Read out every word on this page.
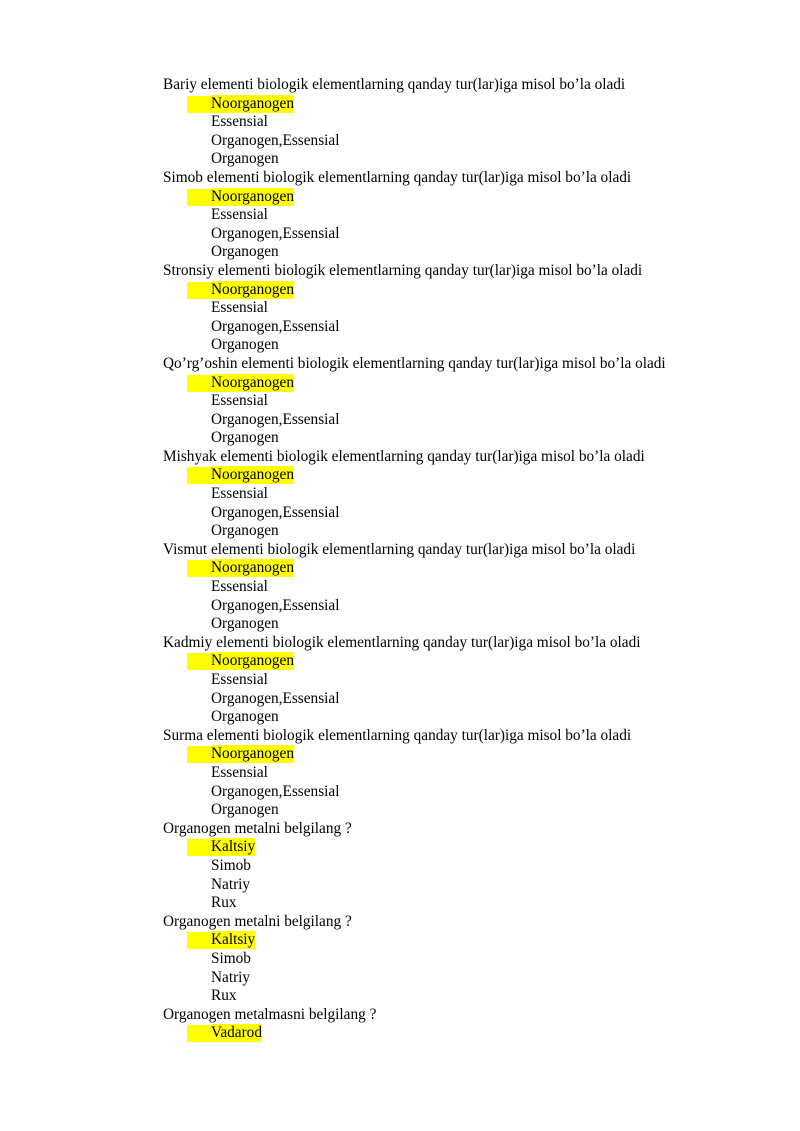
Bariy elementi biologik elementlarning qanday tur(lar)iga misol bo’la oladi
Noorganogen
Essensial
Organogen,Essensial
Organogen
Simob elementi biologik elementlarning qanday tur(lar)iga misol bo’la oladi
Noorganogen
Essensial
Organogen,Essensial
Organogen
Stronsiy elementi biologik elementlarning qanday tur(lar)iga misol bo’la oladi
Noorganogen
Essensial
Organogen,Essensial
Organogen
Qo’rg’oshin elementi biologik elementlarning qanday tur(lar)iga misol bo’la oladi
Noorganogen
Essensial
Organogen,Essensial
Organogen
Mishyak elementi biologik elementlarning qanday tur(lar)iga misol bo’la oladi
Noorganogen
Essensial
Organogen,Essensial
Organogen
Vismut elementi biologik elementlarning qanday tur(lar)iga misol bo’la oladi
Noorganogen
Essensial
Organogen,Essensial
Organogen
Kadmiy elementi biologik elementlarning qanday tur(lar)iga misol bo’la oladi
Noorganogen
Essensial
Organogen,Essensial
Organogen
Surma elementi biologik elementlarning qanday tur(lar)iga misol bo’la oladi
Noorganogen
Essensial
Organogen,Essensial
Organogen
Organogen metalni belgilang ?
Kaltsiy
Simob
Natriy
Rux
Organogen metalni belgilang ?
Kaltsiy
Simob
Natriy
Rux
Organogen metalmasni belgilang ?
Vadarod
